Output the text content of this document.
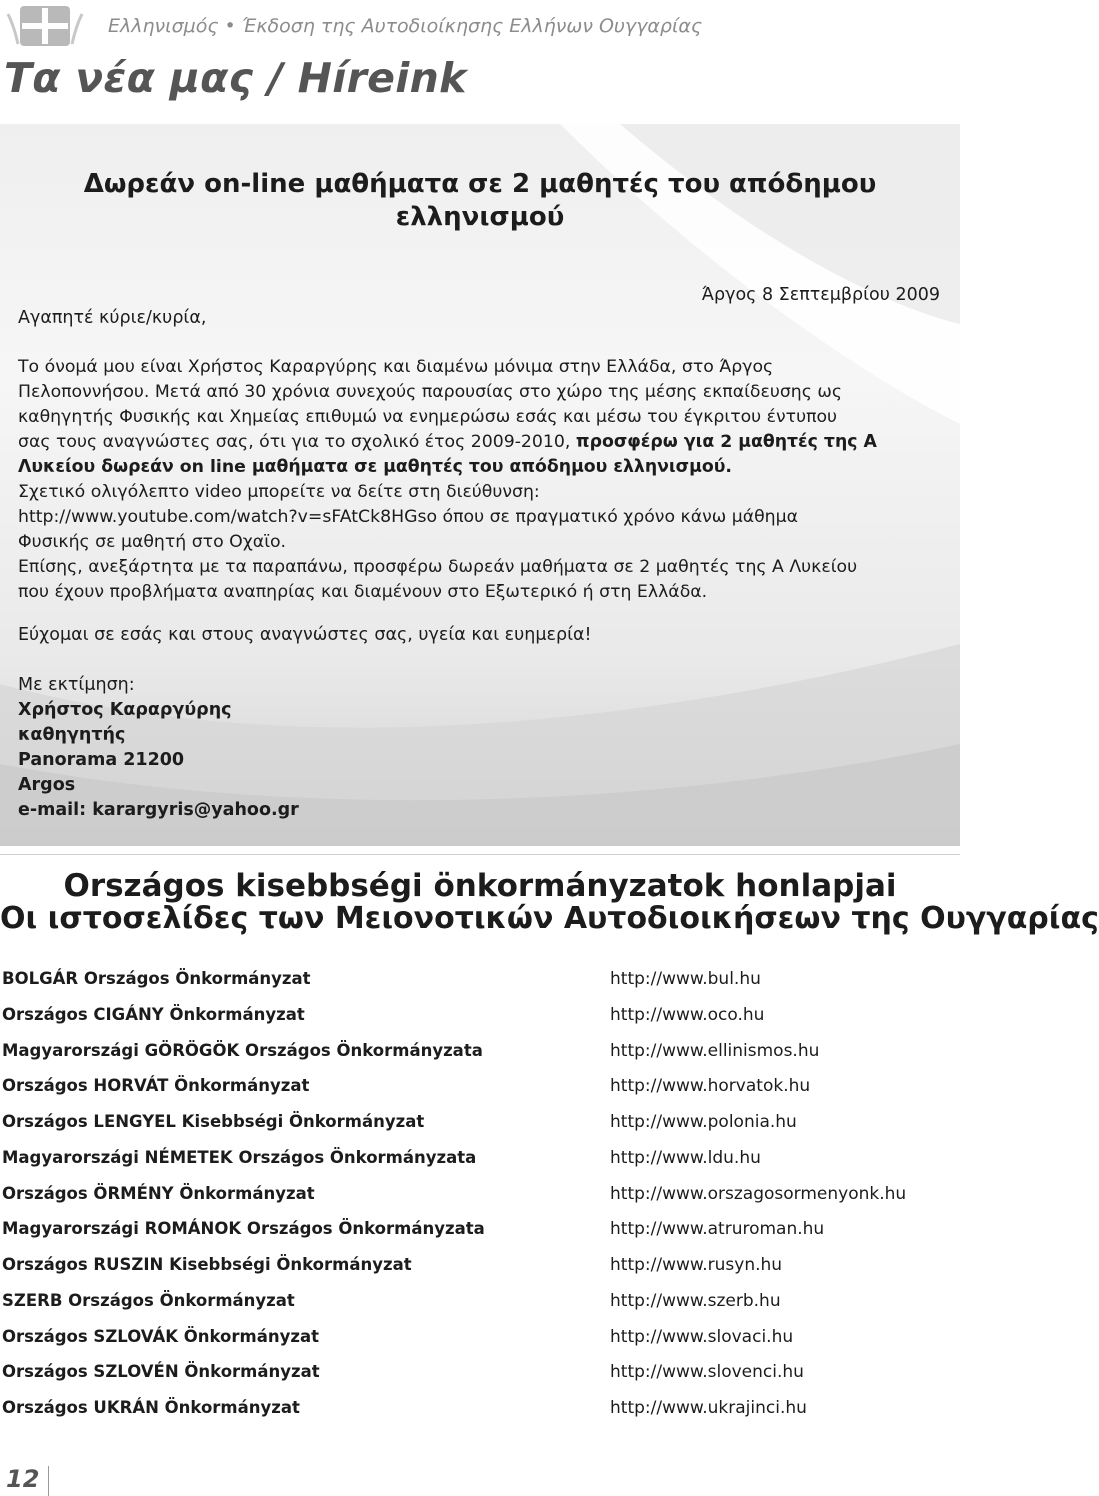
Ελληνισμός • Έκδοση της Αυτοδιοίκησης Ελλήνων Ουγγαρίας
Τα νέα μας / Híreink
Δωρεάν on-line μαθήματα σε 2 μαθητές του απόδημου ελληνισμού
Άργος 8 Σεπτεμβρίου 2009
Αγαπητέ κύριε/κυρία,
Το όνομά μου είναι Χρήστος Καραργύρης και διαμένω μόνιμα στην Ελλάδα, στο Άργος
Πελοποννήσου. Μετά από 30 χρόνια συνεχούς παρουσίας στο χώρο της μέσης εκπαίδευσης ως
καθηγητής Φυσικής και Χημείας επιθυμώ να ενημερώσω εσάς και μέσω του έγκριτου έντυπου
σας τους αναγνώστες σας, ότι για το σχολικό έτος 2009-2010, προσφέρω για 2 μαθητές της Α
Λυκείου δωρεάν on line μαθήματα σε μαθητές του απόδημου ελληνισμού.
Σχετικό ολιγόλεπτο video μπορείτε να δείτε στη διεύθυνση:
http://www.youtube.com/watch?v=sFAtCk8HGso όπου σε πραγματικό χρόνο κάνω μάθημα
Φυσικής σε μαθητή στο Οχαϊο.
Επίσης, ανεξάρτητα με τα παραπάνω, προσφέρω δωρεάν μαθήματα σε 2 μαθητές της Α Λυκείου
που έχουν προβλήματα αναπηρίας και διαμένουν στο Εξωτερικό ή στη Ελλάδα.
Εύχομαι σε εσάς και στους αναγνώστες σας, υγεία και ευημερία!
Με εκτίμηση:
Χρήστος Καραργύρης
καθηγητής
Panorama 21200
Argos
e-mail: karargyris@yahoo.gr
Országos kisebbségi önkormányzatok honlapjai
Οι ιστοσελίδες των Μειονοτικών Αυτοδιοικήσεων της Ουγγαρίας
BOLGÁR Országos Önkormányzat	http://www.bul.hu
Országos CIGÁNY Önkormányzat	http://www.oco.hu
Magyarországi GÖRÖGÖK Országos Önkormányzata	http://www.ellinismos.hu
Országos HORVÁT Önkormányzat	http://www.horvatok.hu
Országos LENGYEL Kisebbségi Önkormányzat	http://www.polonia.hu
Magyarországi NÉMETEK Országos Önkormányzata	http://www.ldu.hu
Országos ÖRMÉNY Önkormányzat	http://www.orszagosormenyonk.hu
Magyarországi ROMÁNOK Országos Önkormányzata	http://www.atruroman.hu
Országos RUSZIN Kisebbségi Önkormányzat	http://www.rusyn.hu
SZERB Országos Önkormányzat	http://www.szerb.hu
Országos SZLOVÁK Önkormányzat	http://www.slovaci.hu
Országos SZLOVÉN Önkormányzat	http://www.slovenci.hu
Országos UKRÁN Önkormányzat	http://www.ukrajinci.hu
12
